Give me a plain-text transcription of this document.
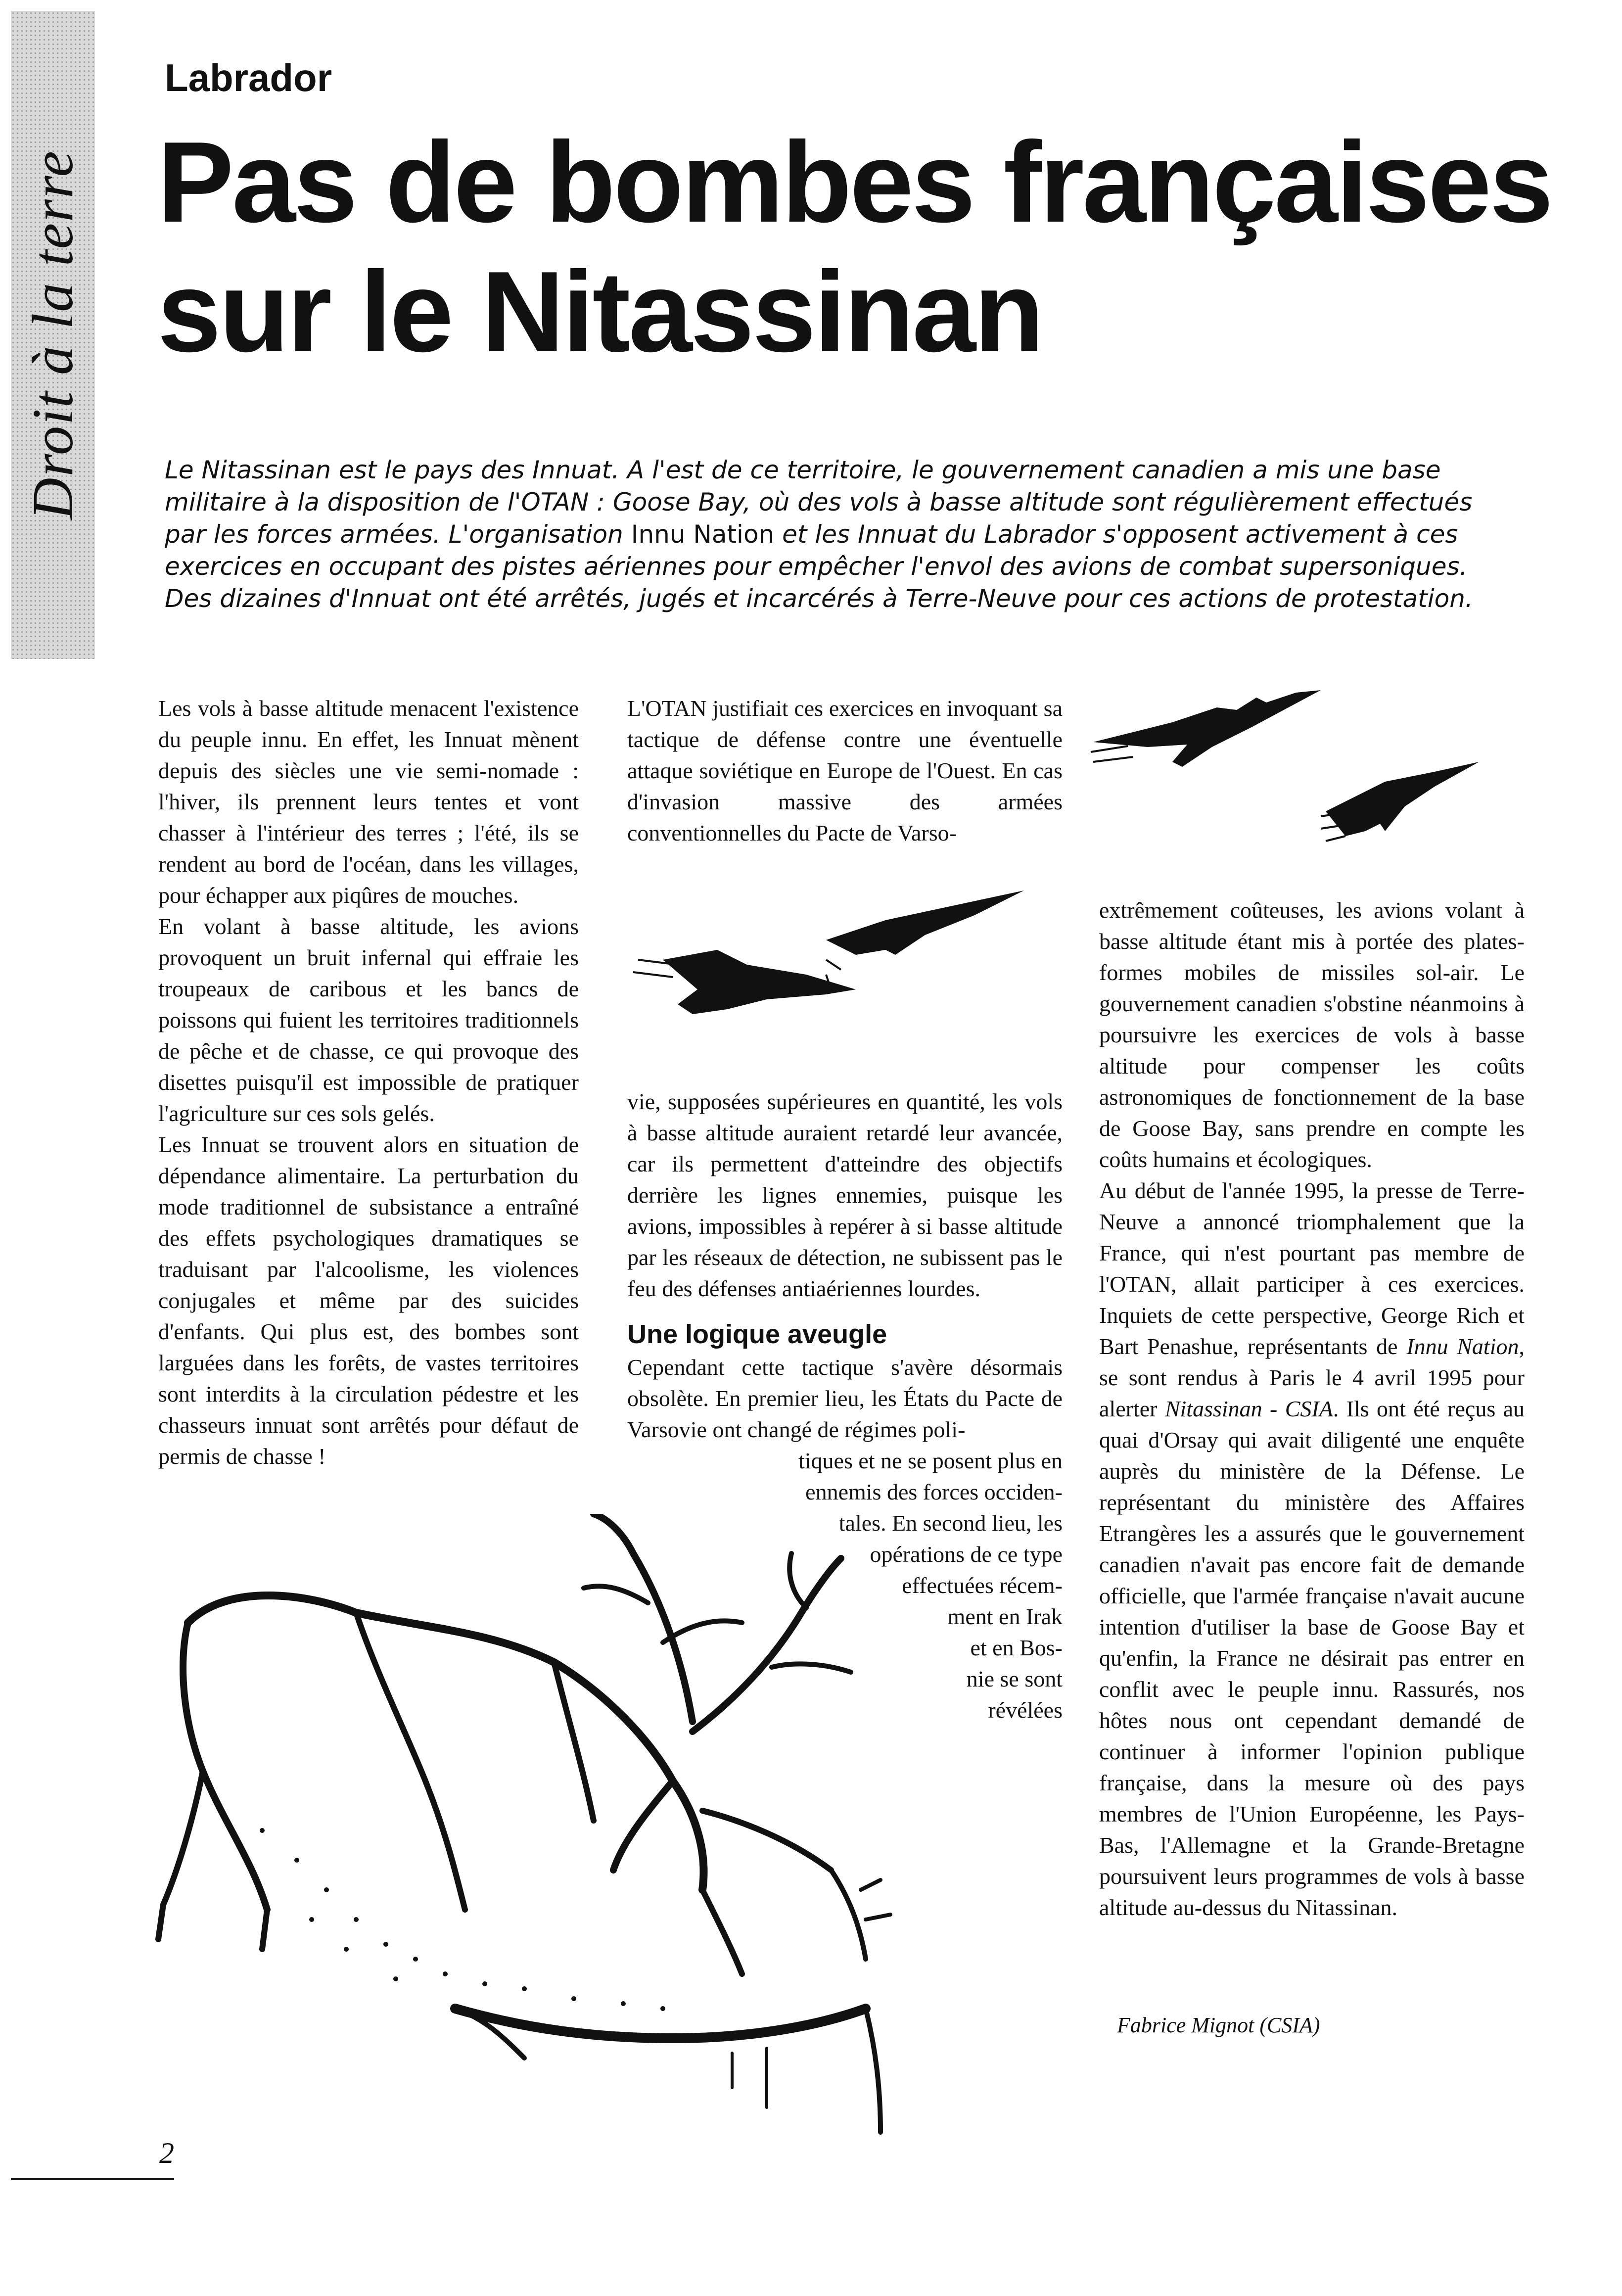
Droit à la terre
Labrador
Pas de bombes françaises
sur le Nitassinan

Le Nitassinan est le pays des Innuat. A l'est de ce territoire, le gouvernement canadien a mis une base militaire à la disposition de l'OTAN : Goose Bay, où des vols à basse altitude sont régulièrement effectués par les forces armées. L'organisation Innu Nation et les Innuat du Labrador s'opposent activement à ces exercices en occupant des pistes aériennes pour empêcher l'envol des avions de combat supersoniques. Des dizaines d'Innuat ont été arrêtés, jugés et incarcérés à Terre-Neuve pour ces actions de protestation.

Les vols à basse altitude menacent l'existence du peuple innu. En effet, les Innuat mènent depuis des siècles une vie semi-nomade : l'hiver, ils prennent leurs tentes et vont chasser à l'intérieur des terres ; l'été, ils se rendent au bord de l'océan, dans les villages, pour échapper aux piqûres de mouches.

En volant à basse altitude, les avions provoquent un bruit infernal qui effraie les troupeaux de caribous et les bancs de poissons qui fuient les territoires traditionnels de pêche et de chasse, ce qui provoque des disettes puisqu'il est impossible de pratiquer l'agriculture sur ces sols gelés.

Les Innuat se trouvent alors en situation de dépendance alimentaire. La perturbation du mode traditionnel de subsistance a entraîné des effets psychologiques dramatiques se traduisant par l'alcoolisme, les violences conjugales et même par des suicides d'enfants. Qui plus est, des bombes sont larguées dans les forêts, de vastes territoires sont interdits à la circulation pédestre et les chasseurs innuat sont arrêtés pour défaut de permis de chasse !

L'OTAN justifiait ces exercices en invoquant sa tactique de défense contre une éventuelle attaque soviétique en Europe de l'Ouest. En cas d'invasion massive des armées conventionnelles du Pacte de Varso-

vie, supposées supérieures en quantité, les vols à basse altitude auraient retardé leur avancée, car ils permettent d'atteindre des objectifs derrière les lignes ennemies, puisque les avions, impossibles à repérer à si basse altitude par les réseaux de détection, ne subissent pas le feu des défenses antiaériennes lourdes.

Une logique aveugle

Cependant cette tactique s'avère désormais obsolète. En premier lieu, les États du Pacte de Varsovie ont changé de régimes poli-

tiques et ne se posent plus en
ennemis des forces occiden-
tales. En second lieu, les
opérations de ce type
effectuées récem-
ment en Irak
et en Bos-
nie se sont
révélées

extrêmement coûteuses, les avions volant à basse altitude étant mis à portée des plates-formes mobiles de missiles sol-air. Le gouvernement canadien s'obstine néanmoins à poursuivre les exercices de vols à basse altitude pour compenser les coûts astronomiques de fonctionnement de la base de Goose Bay, sans prendre en compte les coûts humains et écologiques.

Au début de l'année 1995, la presse de Terre-Neuve a annoncé triomphalement que la France, qui n'est pourtant pas membre de l'OTAN, allait participer à ces exercices. Inquiets de cette perspective, George Rich et Bart Penashue, représentants de Innu Nation, se sont rendus à Paris le 4 avril 1995 pour alerter Nitassinan - CSIA. Ils ont été reçus au quai d'Orsay qui avait diligenté une enquête auprès du ministère de la Défense. Le représentant du ministère des Affaires Etrangères les a assurés que le gouvernement canadien n'avait pas encore fait de demande officielle, que l'armée française n'avait aucune intention d'utiliser la base de Goose Bay et qu'enfin, la France ne désirait pas entrer en conflit avec le peuple innu. Rassurés, nos hôtes nous ont cependant demandé de continuer à informer l'opinion publique française, dans la mesure où des pays membres de l'Union Européenne, les Pays-Bas, l'Allemagne et la Grande-Bretagne poursuivent leurs programmes de vols à basse altitude au-dessus du Nitassinan.

Fabrice Mignot (CSIA)
2
